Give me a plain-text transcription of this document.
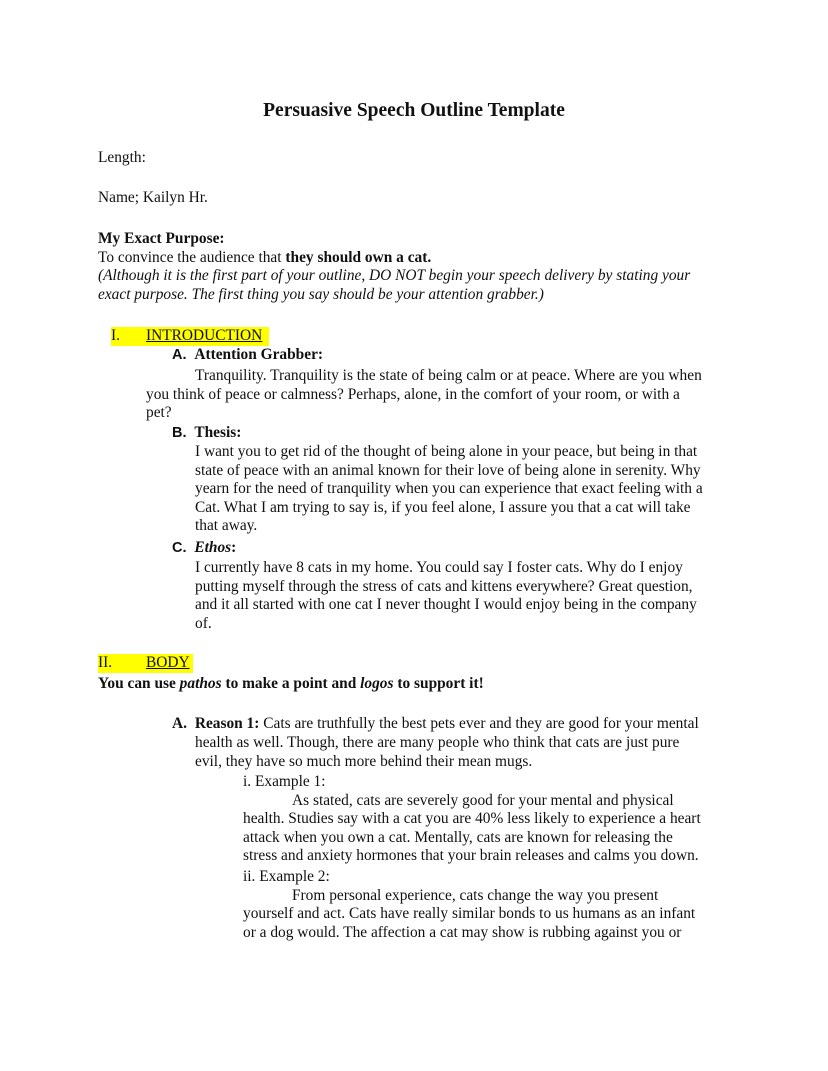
Persuasive Speech Outline Template
Length:
Name; Kailyn Hr.
My Exact Purpose:
To convince the audience that they should own a cat.
(Although it is the first part of your outline, DO NOT begin your speech delivery by stating your
exact purpose. The first thing you say should be your attention grabber.)
I. INTRODUCTION
A. Attention Grabber:
Tranquility. Tranquility is the state of being calm or at peace. Where are you when
you think of peace or calmness? Perhaps, alone, in the comfort of your room, or with a
pet?
B. Thesis:
I want you to get rid of the thought of being alone in your peace, but being in that
state of peace with an animal known for their love of being alone in serenity. Why
yearn for the need of tranquility when you can experience that exact feeling with a
Cat. What I am trying to say is, if you feel alone, I assure you that a cat will take
that away.
C. Ethos:
I currently have 8 cats in my home. You could say I foster cats. Why do I enjoy
putting myself through the stress of cats and kittens everywhere? Great question,
and it all started with one cat I never thought I would enjoy being in the company
of.
II. BODY
You can use pathos to make a point and logos to support it!
A. Reason 1: Cats are truthfully the best pets ever and they are good for your mental
health as well. Though, there are many people who think that cats are just pure
evil, they have so much more behind their mean mugs.
i. Example 1:
As stated, cats are severely good for your mental and physical
health. Studies say with a cat you are 40% less likely to experience a heart
attack when you own a cat. Mentally, cats are known for releasing the
stress and anxiety hormones that your brain releases and calms you down.
ii. Example 2:
From personal experience, cats change the way you present
yourself and act. Cats have really similar bonds to us humans as an infant
or a dog would. The affection a cat may show is rubbing against you or
